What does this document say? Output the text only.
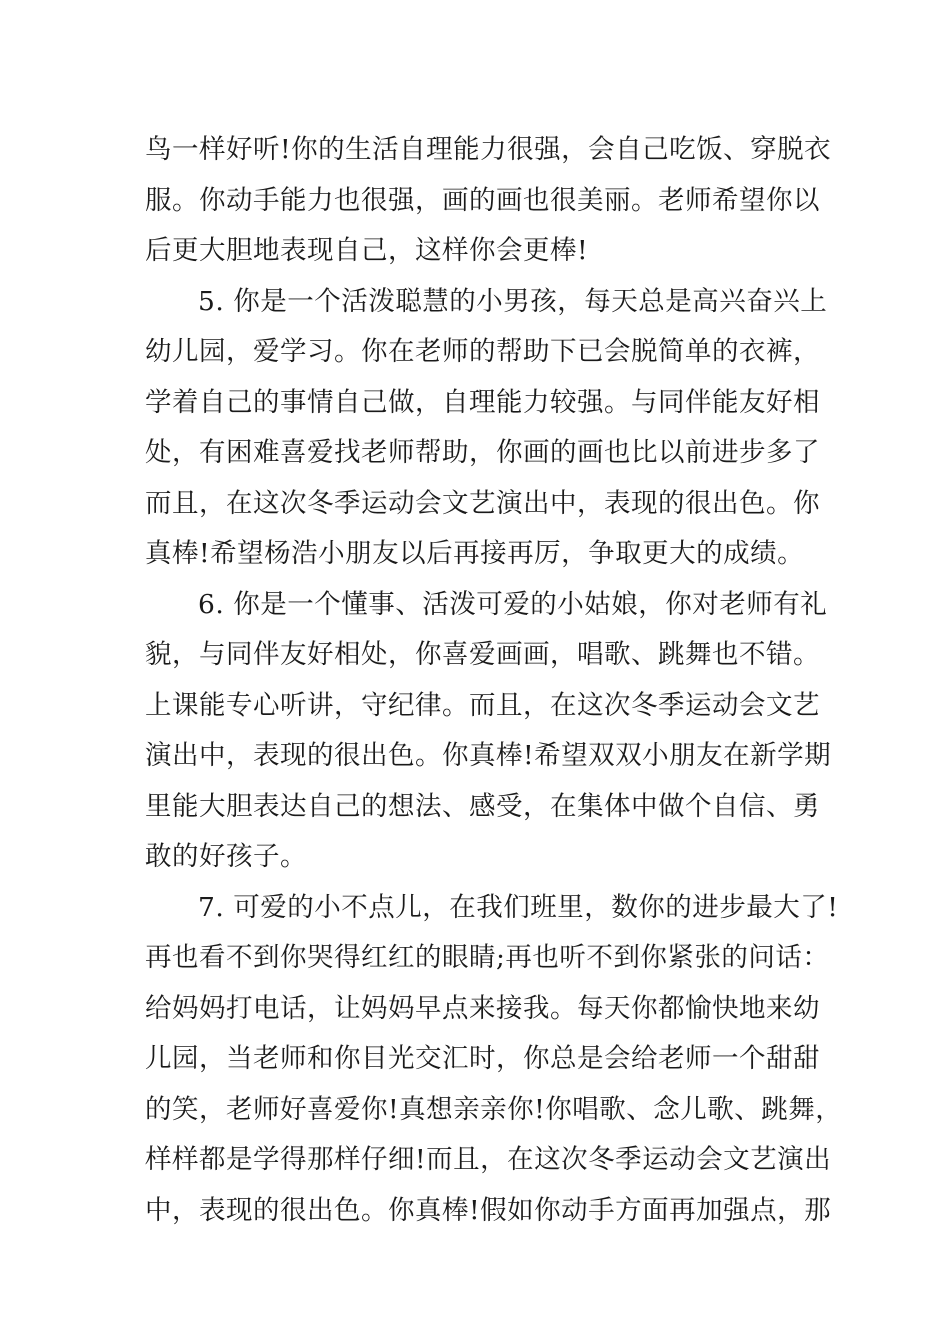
鸟一样好听!你的生活自理能力很强，会自己吃饭、穿脱衣
服。你动手能力也很强，画的画也很美丽。老师希望你以
后更大胆地表现自己，这样你会更棒!
5. 你是一个活泼聪慧的小男孩，每天总是高兴奋兴上
幼儿园，爱学习。你在老师的帮助下已会脱简单的衣裤，
学着自己的事情自己做，自理能力较强。与同伴能友好相
处，有困难喜爱找老师帮助，你画的画也比以前进步多了
而且，在这次冬季运动会文艺演出中，表现的很出色。你
真棒!希望杨浩小朋友以后再接再厉，争取更大的成绩。
6. 你是一个懂事、活泼可爱的小姑娘，你对老师有礼
貌，与同伴友好相处，你喜爱画画，唱歌、跳舞也不错。
上课能专心听讲，守纪律。而且，在这次冬季运动会文艺
演出中，表现的很出色。你真棒!希望双双小朋友在新学期
里能大胆表达自己的想法、感受，在集体中做个自信、勇
敢的好孩子。
7. 可爱的小不点儿，在我们班里，数你的进步最大了!
再也看不到你哭得红红的眼睛;再也听不到你紧张的问话：
给妈妈打电话，让妈妈早点来接我。每天你都愉快地来幼
儿园，当老师和你目光交汇时，你总是会给老师一个甜甜
的笑，老师好喜爱你!真想亲亲你!你唱歌、念儿歌、跳舞，
样样都是学得那样仔细!而且，在这次冬季运动会文艺演出
中，表现的很出色。你真棒!假如你动手方面再加强点，那
